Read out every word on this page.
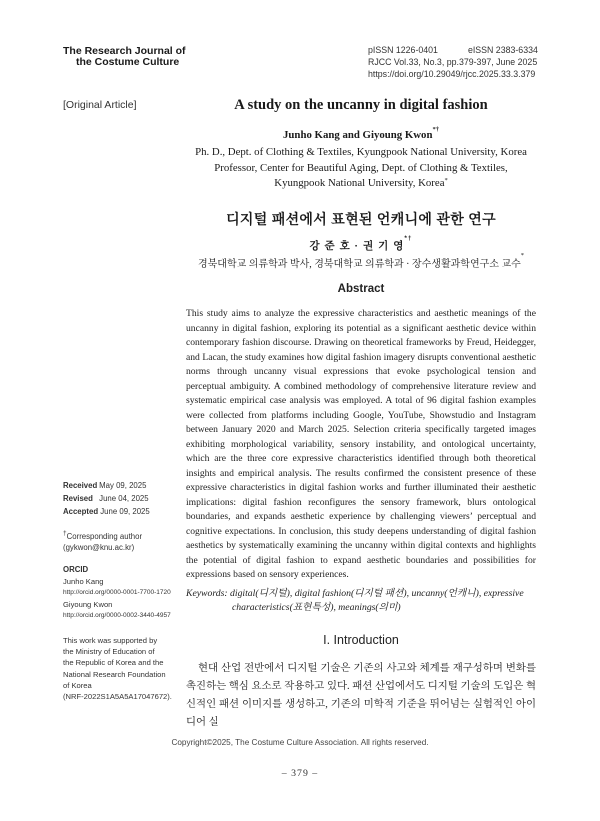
The Research Journal of
the Costume Culture
pISSN 1226-0401	eISSN 2383-6334
RJCC Vol.33, No.3, pp.379-397, June 2025
https://doi.org/10.29049/rjcc.2025.33.3.379
[Original Article]	A study on the uncanny in digital fashion
Junho Kang and Giyoung Kwon*†
Ph. D., Dept. of Clothing & Textiles, Kyungpook National University, Korea
Professor, Center for Beautiful Aging, Dept. of Clothing & Textiles,
Kyungpook National University, Korea*
디지털 패션에서 표현된 언캐니에 관한 연구
강 준 호 · 권 기 영*†
경북대학교 의류학과 박사, 경북대학교 의류학과 · 장수생활과학연구소 교수*
Abstract

This study aims to analyze the expressive characteristics and aesthetic meanings of the uncanny in digital fashion, exploring its potential as a significant aesthetic device within contemporary fashion discourse. Drawing on theoretical frameworks by Freud, Heidegger, and Lacan, the study examines how digital fashion imagery disrupts conventional aesthetic norms through uncanny visual expressions that evoke psychological tension and perceptual ambiguity. A combined methodology of comprehensive literature review and systematic empirical case analysis was employed. A total of 96 digital fashion examples were collected from platforms including Google, YouTube, Showstudio and Instagram between January 2020 and March 2025. Selection criteria specifically targeted images exhibiting morphological variability, sensory instability, and ontological uncertainty, which are the three core expressive characteristics identified through both theoretical insights and empirical analysis. The results confirmed the consistent presence of these expressive characteristics in digital fashion works and further illuminated their aesthetic implications: digital fashion reconfigures the sensory framework, blurs ontological boundaries, and expands aesthetic experience by challenging viewers’ perceptual and cognitive expectations. In conclusion, this study deepens understanding of digital fashion aesthetics by systematically examining the uncanny within digital contexts and highlights the potential of digital fashion to expand aesthetic boundaries and possibilities for expressions based on sensory experiences.

Keywords: digital(디지털), digital fashion(디지털 패션), uncanny(언캐니), expressive
characteristics(표현특성), meanings(의미)
Received May 09, 2025
Revised June 04, 2025
Accepted June 09, 2025
†Corresponding author
(gykwon@knu.ac.kr)
ORCID
Junho Kang
http://orcid.org/0000-0001-7700-1720
Giyoung Kwon
http://orcid.org/0000-0002-3440-4957
This work was supported by
the Ministry of Education of
the Republic of Korea and the
National Research Foundation
of Korea
(NRF-2022S1A5A5A17047672).
I. Introduction
현대 산업 전반에서 디지털 기술은 기존의 사고와 체계를 재구성하며 변화를 촉진하는 핵심 요소로 작용하고 있다. 패션 산업에서도 디지털 기술의 도입은 혁신적인 패션 이미지를 생성하고, 기존의 미학적 기준을 뛰어넘는 실험적인 아이디어 실
Copyright©2025, The Costume Culture Association. All rights reserved.
– 379 –
